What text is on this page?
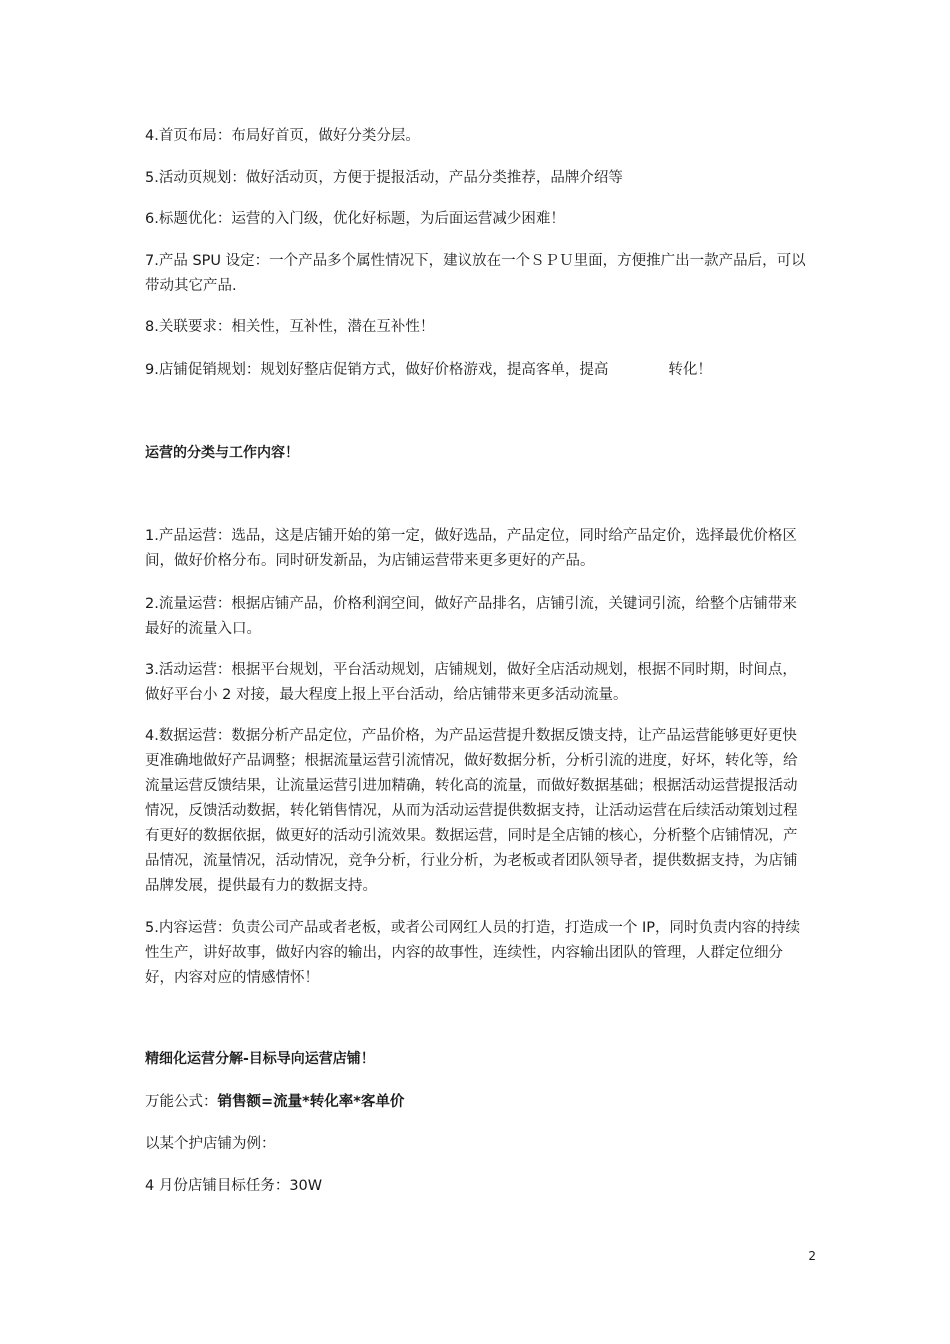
4.首页布局：布局好首页，做好分类分层。

5.活动页规划：做好活动页，方便于提报活动，产品分类推荐，品牌介绍等

6.标题优化：运营的入门级，优化好标题，为后面运营减少困难！

7.产品 SPU 设定：一个产品多个属性情况下，建议放在一个ＳＰＵ里面，方便推广出一款产品后，可以带动其它产品.

8.关联要求：相关性，互补性，潜在互补性！

9.店铺促销规划：规划好整店促销方式，做好价格游戏，提高客单，提高	转化！

运营的分类与工作内容！

1.产品运营：选品，这是店铺开始的第一定，做好选品，产品定位，同时给产品定价，选择最优价格区间，做好价格分布。同时研发新品，为店铺运营带来更多更好的产品。

2.流量运营：根据店铺产品，价格利润空间，做好产品排名，店铺引流，关键词引流，给整个店铺带来最好的流量入口。

3.活动运营：根据平台规划，平台活动规划，店铺规划，做好全店活动规划，根据不同时期，时间点，做好平台小 2 对接，最大程度上报上平台活动，给店铺带来更多活动流量。

4.数据运营：数据分析产品定位，产品价格，为产品运营提升数据反馈支持，让产品运营能够更好更快更准确地做好产品调整；根据流量运营引流情况，做好数据分析，分析引流的进度，好坏，转化等，给流量运营反馈结果，让流量运营引进加精确，转化高的流量，而做好数据基础；根据活动运营提报活动情况，反馈活动数据，转化销售情况，从而为活动运营提供数据支持，让活动运营在后续活动策划过程有更好的数据依据，做更好的活动引流效果。数据运营，同时是全店铺的核心，分析整个店铺情况，产品情况，流量情况，活动情况，竞争分析，行业分析，为老板或者团队领导者，提供数据支持，为店铺品牌发展，提供最有力的数据支持。

5.内容运营：负责公司产品或者老板，或者公司网红人员的打造，打造成一个 IP，同时负责内容的持续性生产，讲好故事，做好内容的输出，内容的故事性，连续性，内容输出团队的管理，人群定位细分好，内容对应的情感情怀！

精细化运营分解-目标导向运营店铺！

万能公式：销售额=流量*转化率*客单价

以某个护店铺为例：

4 月份店铺目标任务：30W

2
